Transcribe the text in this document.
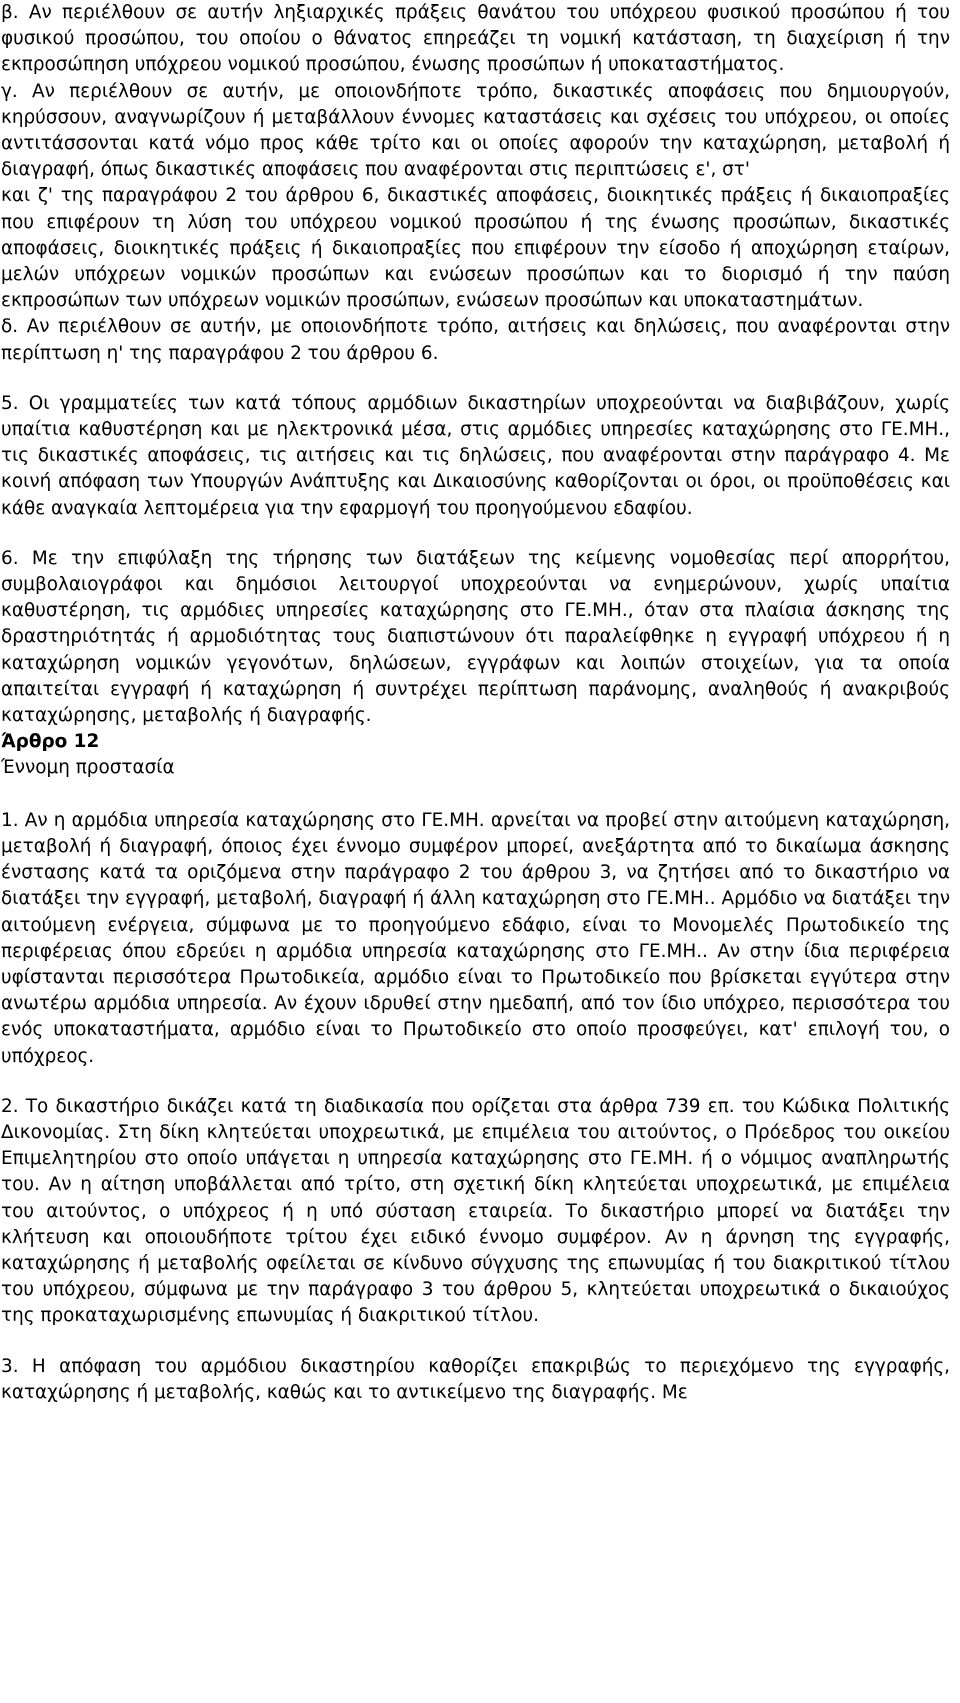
β. Αν περιέλθουν σε αυτήν ληξιαρχικές πράξεις θανάτου του υπόχρεου φυσικού προσώπου ή του φυσικού προσώπου, του οποίου ο θάνατος επηρεάζει τη νομική κατάσταση, τη διαχείριση ή την εκπροσώπηση υπόχρεου νομικού προσώπου, ένωσης προσώπων ή υποκαταστήματος.

γ. Αν περιέλθουν σε αυτήν, με οποιονδήποτε τρόπο, δικαστικές αποφάσεις που δημιουργούν, κηρύσσουν, αναγνωρίζουν ή μεταβάλλουν έννομες καταστάσεις και σχέσεις του υπόχρεου, οι οποίες αντιτάσσονται κατά νόμο προς κάθε τρίτο και οι οποίες αφορούν την καταχώρηση, μεταβολή ή διαγραφή, όπως δικαστικές αποφάσεις που αναφέρονται στις περιπτώσεις ε', στ'

και ζ' της παραγράφου 2 του άρθρου 6, δικαστικές αποφάσεις, διοικητικές πράξεις ή δικαιοπραξίες που επιφέρουν τη λύση του υπόχρεου νομικού προσώπου ή της ένωσης προσώπων, δικαστικές αποφάσεις, διοικητικές πράξεις ή δικαιοπραξίες που επιφέρουν την είσοδο ή αποχώρηση εταίρων, μελών υπόχρεων νομικών προσώπων και ενώσεων προσώπων και το διορισμό ή την παύση εκπροσώπων των υπόχρεων νομικών προσώπων, ενώσεων προσώπων και υποκαταστημάτων.

δ. Αν περιέλθουν σε αυτήν, με οποιονδήποτε τρόπο, αιτήσεις και δηλώσεις, που αναφέρονται στην περίπτωση η' της παραγράφου 2 του άρθρου 6.

5. Οι γραμματείες των κατά τόπους αρμόδιων δικαστηρίων υποχρεούνται να διαβιβάζουν, χωρίς υπαίτια καθυστέρηση και με ηλεκτρονικά μέσα, στις αρμόδιες υπηρεσίες καταχώρησης στο ΓΕ.ΜΗ., τις δικαστικές αποφάσεις, τις αιτήσεις και τις δηλώσεις, που αναφέρονται στην παράγραφο 4. Με κοινή απόφαση των Υπουργών Ανάπτυξης και Δικαιοσύνης καθορίζονται οι όροι, οι προϋποθέσεις και κάθε αναγκαία λεπτομέρεια για την εφαρμογή του προηγούμενου εδαφίου.

6. Με την επιφύλαξη της τήρησης των διατάξεων της κείμενης νομοθεσίας περί απορρήτου, συμβολαιογράφοι και δημόσιοι λειτουργοί υποχρεούνται να ενημερώνουν, χωρίς υπαίτια καθυστέρηση, τις αρμόδιες υπηρεσίες καταχώρησης στο ΓΕ.ΜΗ., όταν στα πλαίσια άσκησης της δραστηριότητάς ή αρμοδιότητας τους διαπιστώνουν ότι παραλείφθηκε η εγγραφή υπόχρεου ή η καταχώρηση νομικών γεγονότων, δηλώσεων, εγγράφων και λοιπών στοιχείων, για τα οποία απαιτείται εγγραφή ή καταχώρηση ή συντρέχει περίπτωση παράνομης, αναληθούς ή ανακριβούς καταχώρησης, μεταβολής ή διαγραφής.

Άρθρο 12

Έννομη προστασία

1. Αν η αρμόδια υπηρεσία καταχώρησης στο ΓΕ.ΜΗ. αρνείται να προβεί στην αιτούμενη καταχώρηση, μεταβολή ή διαγραφή, όποιος έχει έννομο συμφέρον μπορεί, ανεξάρτητα από το δικαίωμα άσκησης ένστασης κατά τα οριζόμενα στην παράγραφο 2 του άρθρου 3, να ζητήσει από το δικαστήριο να διατάξει την εγγραφή, μεταβολή, διαγραφή ή άλλη καταχώρηση στο ΓΕ.ΜΗ.. Αρμόδιο να διατάξει την αιτούμενη ενέργεια, σύμφωνα με το προηγούμενο εδάφιο, είναι το Μονομελές Πρωτοδικείο της περιφέρειας όπου εδρεύει η αρμόδια υπηρεσία καταχώρησης στο ΓΕ.ΜΗ.. Αν στην ίδια περιφέρεια υφίστανται περισσότερα Πρωτοδικεία, αρμόδιο είναι το Πρωτοδικείο που βρίσκεται εγγύτερα στην ανωτέρω αρμόδια υπηρεσία. Αν έχουν ιδρυθεί στην ημεδαπή, από τον ίδιο υπόχρεο, περισσότερα του ενός υποκαταστήματα, αρμόδιο είναι το Πρωτοδικείο στο οποίο προσφεύγει, κατ' επιλογή του, ο υπόχρεος.

2. Το δικαστήριο δικάζει κατά τη διαδικασία που ορίζεται στα άρθρα 739 επ. του Κώδικα Πολιτικής Δικονομίας. Στη δίκη κλητεύεται υποχρεωτικά, με επιμέλεια του αιτούντος, ο Πρόεδρος του οικείου Επιμελητηρίου στο οποίο υπάγεται η υπηρεσία καταχώρησης στο ΓΕ.ΜΗ. ή ο νόμιμος αναπληρωτής του. Αν η αίτηση υποβάλλεται από τρίτο, στη σχετική δίκη κλητεύεται υποχρεωτικά, με επιμέλεια του αιτούντος, ο υπόχρεος ή η υπό σύσταση εταιρεία. Το δικαστήριο μπορεί να διατάξει την κλήτευση και οποιουδήποτε τρίτου έχει ειδικό έννομο συμφέρον. Αν η άρνηση της εγγραφής, καταχώρησης ή μεταβολής οφείλεται σε κίνδυνο σύγχυσης της επωνυμίας ή του διακριτικού τίτλου του υπόχρεου, σύμφωνα με την παράγραφο 3 του άρθρου 5, κλητεύεται υποχρεωτικά ο δικαιούχος της προκαταχωρισμένης επωνυμίας ή διακριτικού τίτλου.

3. Η απόφαση του αρμόδιου δικαστηρίου καθορίζει επακριβώς το περιεχόμενο της εγγραφής, καταχώρησης ή μεταβολής, καθώς και το αντικείμενο της διαγραφής. Με
